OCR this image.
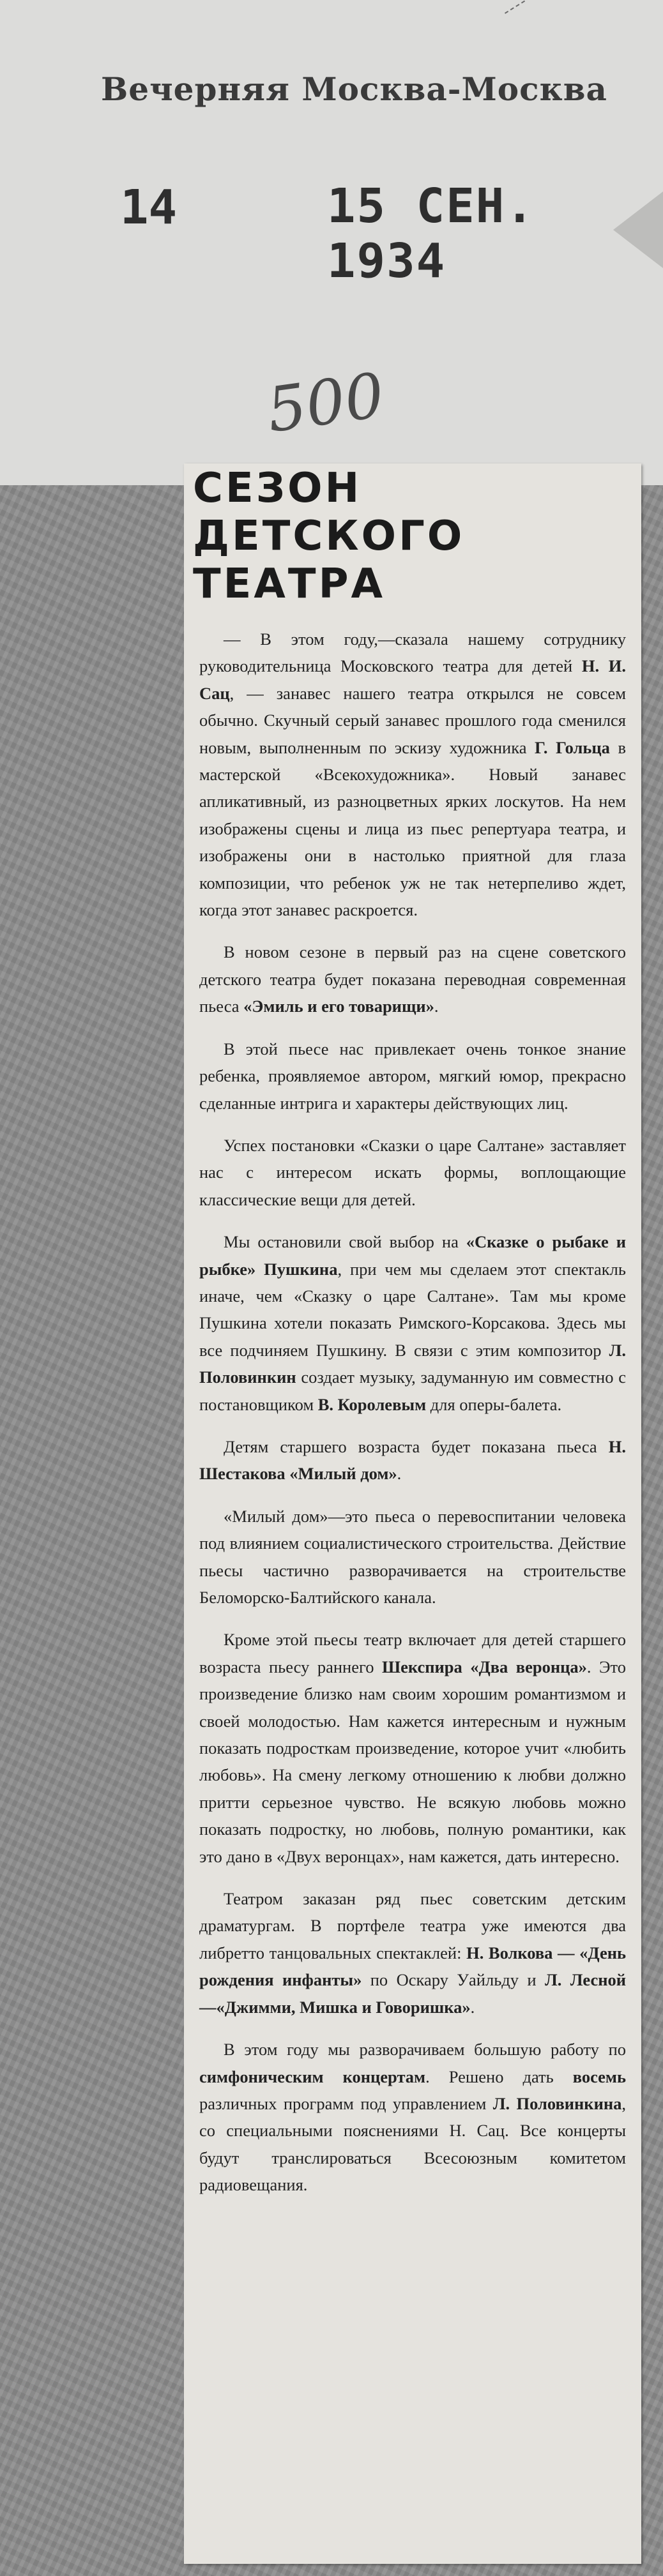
Вечерняя Москва-Москва
14	15 СЕН. 1934
500
СЕЗОН
ДЕТСКОГО
ТЕАТРА

— В этом году,—сказала нашему сотруднику руководительница Московского театра для детей Н. И. Сац, — занавес нашего театра открылся не совсем обычно. Скучный серый занавес прошлого года сменился новым, выполненным по эскизу художника Г. Гольца в мастерской «Всекохудожника». Новый занавес апликативный, из разноцветных ярких лоскутов. На нем изображены сцены и лица из пьес репертуара театра, и изображены они в настолько приятной для глаза композиции, что ребенок уж не так нетерпеливо ждет, когда этот занавес раскроется.

В новом сезоне в первый раз на сцене советского детского театра будет показана переводная современная пьеса «Эмиль и его товарищи».

В этой пьесе нас привлекает очень тонкое знание ребенка, проявляемое автором, мягкий юмор, прекрасно сделанные интрига и характеры действующих лиц.

Успех постановки «Сказки о царе Салтане» заставляет нас с интересом искать формы, воплощающие классические вещи для детей.

Мы остановили свой выбор на «Сказке о рыбаке и рыбке» Пушкина, при чем мы сделаем этот спектакль иначе, чем «Сказку о царе Салтане». Там мы кроме Пушкина хотели показать Римского-Корсакова. Здесь мы все подчиняем Пушкину. В связи с этим композитор Л. Половинкин создает музыку, задуманную им совместно с постановщиком В. Королевым для оперы-балета.

Детям старшего возраста будет показана пьеса Н. Шестакова «Милый дом».

«Милый дом»—это пьеса о перевоспитании человека под влиянием социалистического строительства. Действие пьесы частично разворачивается на строительстве Беломорско-Балтийского канала.

Кроме этой пьесы театр включает для детей старшего возраста пьесу раннего Шекспира «Два веронца». Это произведение близко нам своим хорошим романтизмом и своей молодостью. Нам кажется интересным и нужным показать подросткам произведение, которое учит «любить любовь». На смену легкому отношению к любви должно притти серьезное чувство. Не всякую любовь можно показать подростку, но любовь, полную романтики, как это дано в «Двух веронцах», нам кажется, дать интересно.

Театром заказан ряд пьес советским детским драматургам. В портфеле театра уже имеются два либретто танцовальных спектаклей: Н. Волкова — «День рождения инфанты» по Оскару Уайльду и Л. Лесной—«Джимми, Мишка и Говоришка».

В этом году мы разворачиваем большую работу по симфоническим концертам. Решено дать восемь различных программ под управлением Л. Половинкина, со специальными пояснениями Н. Сац. Все концерты будут транслироваться Всесоюзным комитетом радиовещания.
